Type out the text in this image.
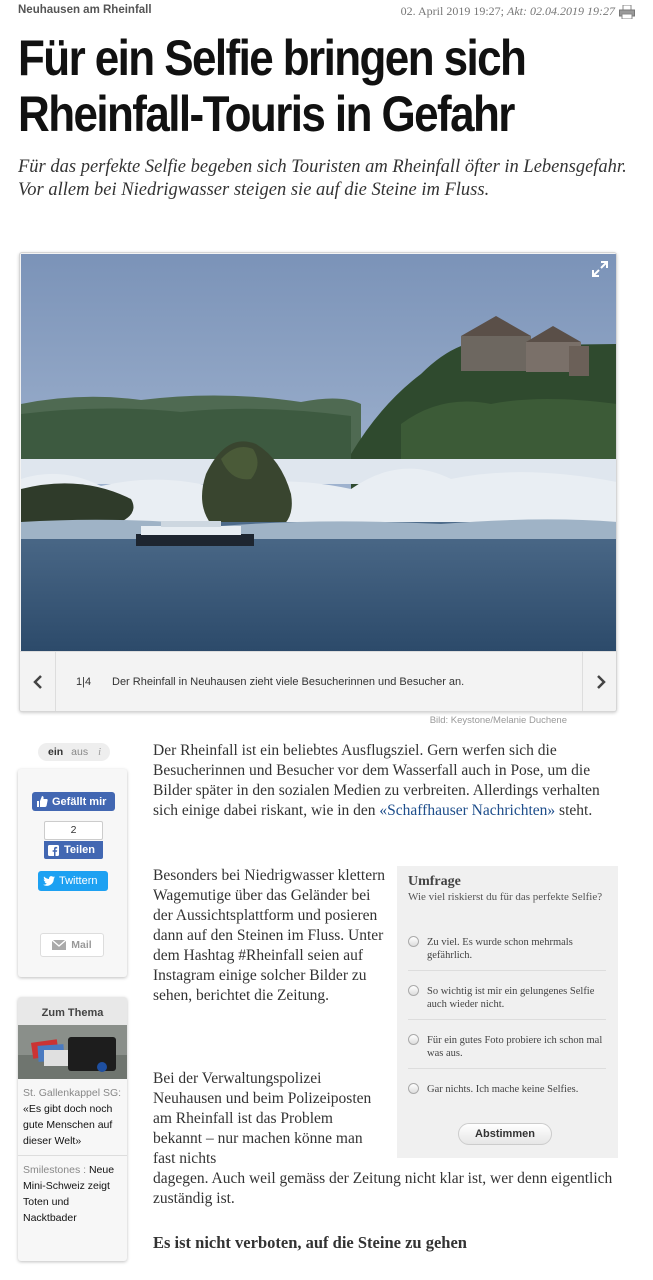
Neuhausen am Rheinfall	02. April 2019 19:27; Akt: 02.04.2019 19:27
Für ein Selfie bringen sich Rheinfall-Touris in Gefahr

Für das perfekte Selfie begeben sich Touristen am Rheinfall öfter in Lebensgefahr. Vor allem bei Niedrigwasser steigen sie auf die Steine im Fluss.

1|4 Der Rheinfall in Neuhausen zieht viele Besucherinnen und Besucher an.
Bild: Keystone/Melanie Duchene
ein aus i
Gefällt mir
2
Teilen
Twittern
Mail
Zum Thema
St. Gallenkappel SG: «Es gibt doch noch gute Menschen auf dieser Welt»
Smilestones : Neue Mini-Schweiz zeigt Toten und Nacktbader

Der Rheinfall ist ein beliebtes Ausflugsziel. Gern werfen sich die Besucherinnen und Besucher vor dem Wasserfall auch in Pose, um die Bilder später in den sozialen Medien zu verbreiten. Allerdings verhalten sich einige dabei riskant, wie in den «Schaffhauser Nachrichten» steht.

Besonders bei Niedrigwasser klettern Wagemutige über das Geländer bei der Aussichtsplattform und posieren dann auf den Steinen im Fluss. Unter dem Hashtag #Rheinfall seien auf Instagram einige solcher Bilder zu sehen, berichtet die Zeitung.

Bei der Verwaltungspolizei Neuhausen und beim Polizeiposten am Rheinfall ist das Problem bekannt – nur machen könne man fast nichts
dagegen. Auch weil gemäss der Zeitung nicht klar ist, wer denn eigentlich zuständig ist.

Es ist nicht verboten, auf die Steine zu gehen
Umfrage
Wie viel riskierst du für das perfekte Selfie?
Zu viel. Es wurde schon mehrmals gefährlich.
So wichtig ist mir ein gelungenes Selfie auch wieder nicht.
Für ein gutes Foto probiere ich schon mal was aus.
Gar nichts. Ich mache keine Selfies.
Abstimmen
